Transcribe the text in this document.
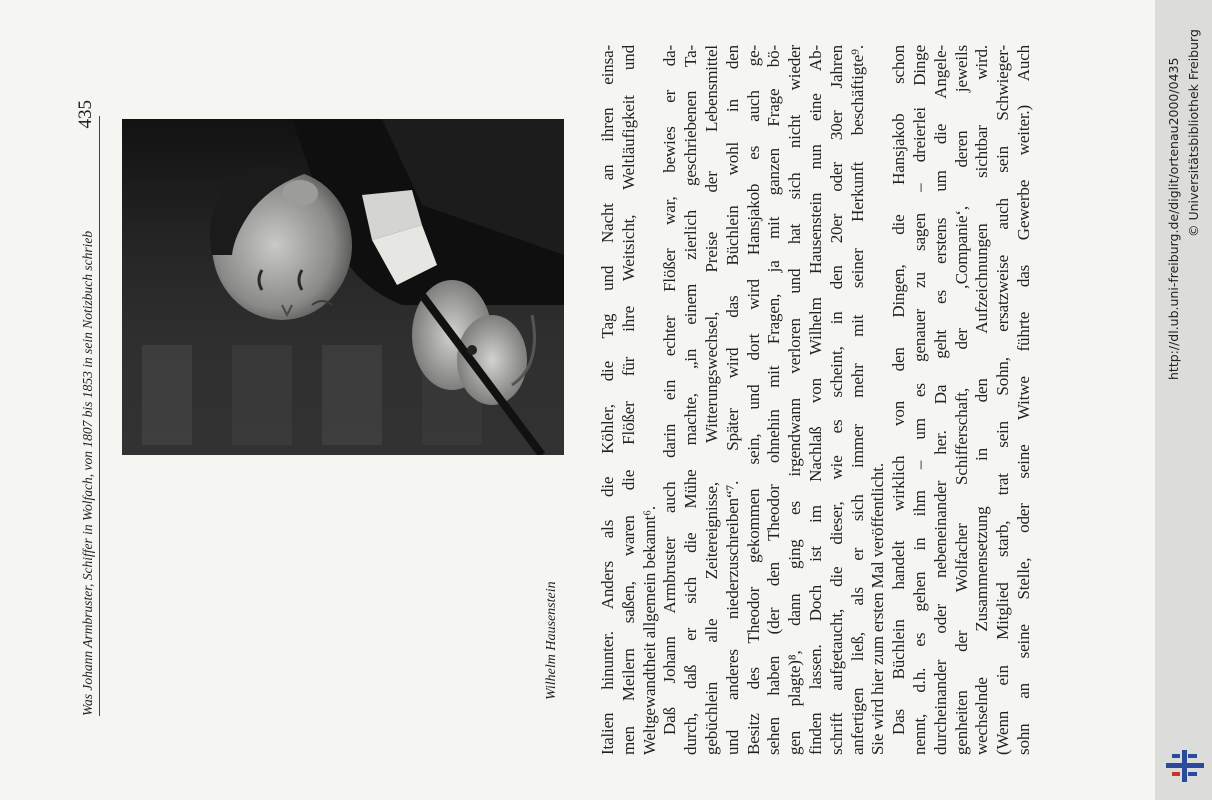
Was Johann Armbruster, Schiffer in Wolfach, von 1807 bis 1853 in sein Notizbuch schrieb
435
Wilhelm Hausenstein Italien hinunter. Anders als die Köhler, die Tag und Nacht an ihren einsa- men Meilern saßen, waren die Flößer für ihre Weitsicht, Weltläufigkeit und Weltgewandtheit allgemein bekannt⁶. Daß Johann Armbruster auch darin ein echter Flößer war, bewies er da- durch, daß er sich die Mühe machte, „in einem zierlich geschriebenen Ta- gebüchlein alle Zeitereignisse, Witterungswechsel, Preise der Lebensmittel und anderes niederzuschreiben“⁷. Später wird das Büchlein wohl in den Besitz des Theodor gekommen sein, und dort wird Hansjakob es auch ge- sehen haben (der den Theodor ohnehin mit Fragen, ja mit ganzen Frage bö- gen plagte)⁸, dann ging es irgendwann verloren und hat sich nicht wieder finden lassen. Doch ist im Nachlaß von Wilhelm Hausenstein nun eine Ab- schrift aufgetaucht, die dieser, wie es scheint, in den 20er oder 30er Jahren anfertigen ließ, als er sich immer mehr mit seiner Herkunft beschäftigte⁹. Sie wird hier zum ersten Mal veröffentlicht. Das Büchlein handelt wirklich von den Dingen, die Hansjakob schon nennt, d.h. es gehen in ihm – um es genauer zu sagen – dreierlei Dinge durcheinander oder nebeneinander her. Da geht es erstens um die Angele- genheiten der Wolfacher Schifferschaft, der ‚Companie‘, deren jeweils wechselnde Zusammensetzung in den Aufzeichnungen sichtbar wird. (Wenn ein Mitglied starb, trat sein Sohn, ersatzweise auch sein Schwieger- sohn an seine Stelle, oder seine Witwe führte das Gewerbe weiter.) Auch	http://dl.ub.uni-freiburg.de/diglit/ortenau2000/0435 © Universitätsbibliothek Freiburg
